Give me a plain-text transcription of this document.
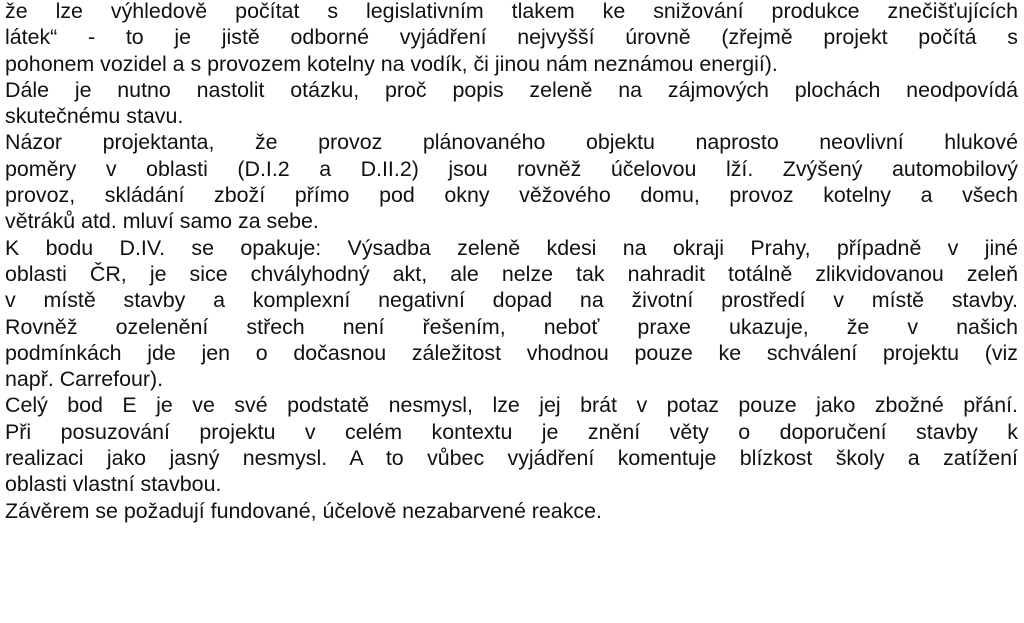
že lze výhledově počítat s legislativním tlakem ke snižování produkce znečišťujících
látek“ - to je jistě odborné vyjádření nejvyšší úrovně (zřejmě projekt počítá s
pohonem vozidel a s provozem kotelny na vodík, či jinou nám neznámou energií).
Dále je nutno nastolit otázku, proč popis zeleně na zájmových plochách neodpovídá
skutečnému stavu.
Názor projektanta, že provoz plánovaného objektu naprosto neovlivní hlukové
poměry v oblasti (D.I.2 a D.II.2) jsou rovněž účelovou lží. Zvýšený automobilový
provoz, skládání zboží přímo pod okny věžového domu, provoz kotelny a všech
větráků atd. mluví samo za sebe.
K bodu D.IV. se opakuje: Výsadba zeleně kdesi na okraji Prahy, případně v jiné
oblasti ČR, je sice chvályhodný akt, ale nelze tak nahradit totálně zlikvidovanou zeleň
v místě stavby a komplexní negativní dopad na životní prostředí v místě stavby.
Rovněž ozelenění střech není řešením, neboť praxe ukazuje, že v našich
podmínkách jde jen o dočasnou záležitost vhodnou pouze ke schválení projektu (viz
např. Carrefour).
Celý bod E je ve své podstatě nesmysl, lze jej brát v potaz pouze jako zbožné přání.
Při posuzování projektu v celém kontextu je znění věty o doporučení stavby k
realizaci jako jasný nesmysl. A to vůbec vyjádření komentuje blízkost školy a zatížení
oblasti vlastní stavbou.
Závěrem se požadují fundované, účelově nezabarvené reakce.
